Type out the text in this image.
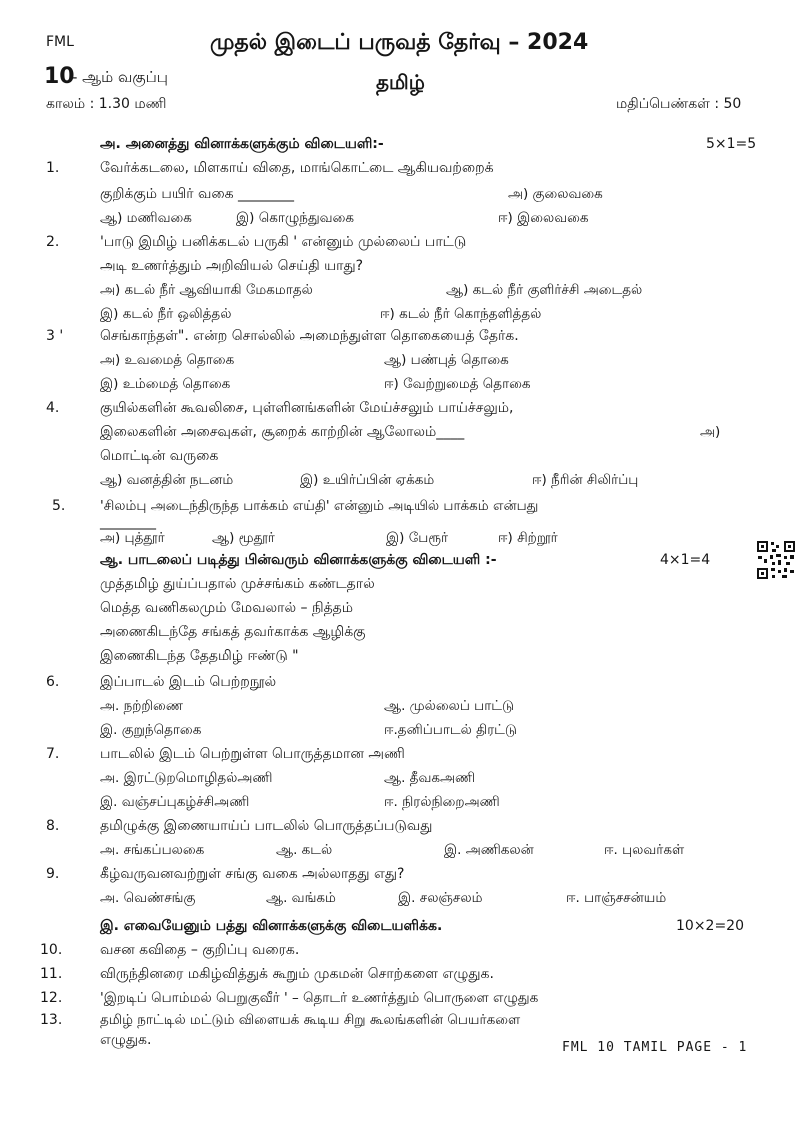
FML	முதல் இடைப் பருவத் தேர்வு – 2024
10
- ஆம் வகுப்பு	தமிழ்
காலம் : 1.30 மணி	மதிப்பெண்கள் : 50
அ. அனைத்து வினாக்களுக்கும் விடையளி:-	5×1=5
1.	வேர்க்கடலை, மிளகாய் விதை, மாங்கொட்டை ஆகியவற்றைக்
குறிக்கும் பயிர் வகை ________	அ) குலைவகை
ஆ) மணிவகை	இ) கொழுந்துவகை	ஈ) இலைவகை
2.	'பாடு இமிழ் பனிக்கடல் பருகி ' என்னும் முல்லைப் பாட்டு
அடி உணர்த்தும் அறிவியல் செய்தி யாது?
அ) கடல் நீர் ஆவியாகி மேகமாதல்	ஆ) கடல் நீர் குளிர்ச்சி அடைதல்
இ) கடல் நீர் ஒலித்தல்	ஈ) கடல் நீர் கொந்தளித்தல்
3 '	செங்காந்தள்". என்ற சொல்லில் அமைந்துள்ள தொகையைத் தேர்க.
அ) உவமைத் தொகை	ஆ) பண்புத் தொகை
இ) உம்மைத் தொகை	ஈ) வேற்றுமைத் தொகை
4.	குயில்களின் கூவலிசை, புள்ளினங்களின் மேய்ச்சலும் பாய்ச்சலும்,
இலைகளின் அசைவுகள், சூறைக் காற்றின் ஆலோலம்____	அ)
மொட்டின் வருகை
ஆ) வனத்தின் நடனம்	இ) உயிர்ப்பின் ஏக்கம்	ஈ) நீரின் சிலிர்ப்பு
5.	'சிலம்பு அடைந்திருந்த பாக்கம் எய்தி' என்னும் அடியில் பாக்கம் என்பது
________
அ) புத்தூர்	ஆ) மூதூர்	இ) பேரூர்	ஈ) சிற்றூர்
ஆ. பாடலைப் படித்து பின்வரும் வினாக்களுக்கு விடையளி :-	4×1=4
முத்தமிழ் துய்ப்பதால் முச்சங்கம் கண்டதால்
மெத்த வணிகலமும் மேவலால் – நித்தம்
அணைகிடந்தே சங்கத் தவர்காக்க ஆழிக்கு
இணைகிடந்த தேதமிழ் ஈண்டு "
6.	இப்பாடல் இடம் பெற்றநூல்
அ. நற்றிணை	ஆ. முல்லைப் பாட்டு
இ. குறுந்தொகை	ஈ.தனிப்பாடல் திரட்டு
7.	பாடலில் இடம் பெற்றுள்ள பொருத்தமான அணி
அ. இரட்டுறமொழிதல்அணி	ஆ. தீவகஅணி
இ. வஞ்சப்புகழ்ச்சிஅணி	ஈ. நிரல்நிறைஅணி
8.	தமிழுக்கு இணையாய்ப் பாடலில் பொருத்தப்படுவது
அ. சங்கப்பலகை	ஆ. கடல்	இ. அணிகலன்	ஈ. புலவர்கள்
9.	கீழ்வருவனவற்றுள் சங்கு வகை அல்லாதது எது?
அ. வெண்சங்கு	ஆ. வங்கம்	இ. சலஞ்சலம்	ஈ. பாஞ்சசன்யம்
இ. எவையேனும் பத்து வினாக்களுக்கு விடையளிக்க.	10×2=20
10.	வசன கவிதை – குறிப்பு வரைக.
11.	விருந்தினரை மகிழ்வித்துக் கூறும் முகமன் சொற்களை எழுதுக.
12.	'இறடிப் பொம்மல் பெறுகுவீர் ' – தொடர் உணர்த்தும் பொருளை எழுதுக
13.	தமிழ் நாட்டில் மட்டும் விளையக் கூடிய சிறு கூலங்களின் பெயர்களை
எழுதுக.	FML 10 TAMIL PAGE - 1
